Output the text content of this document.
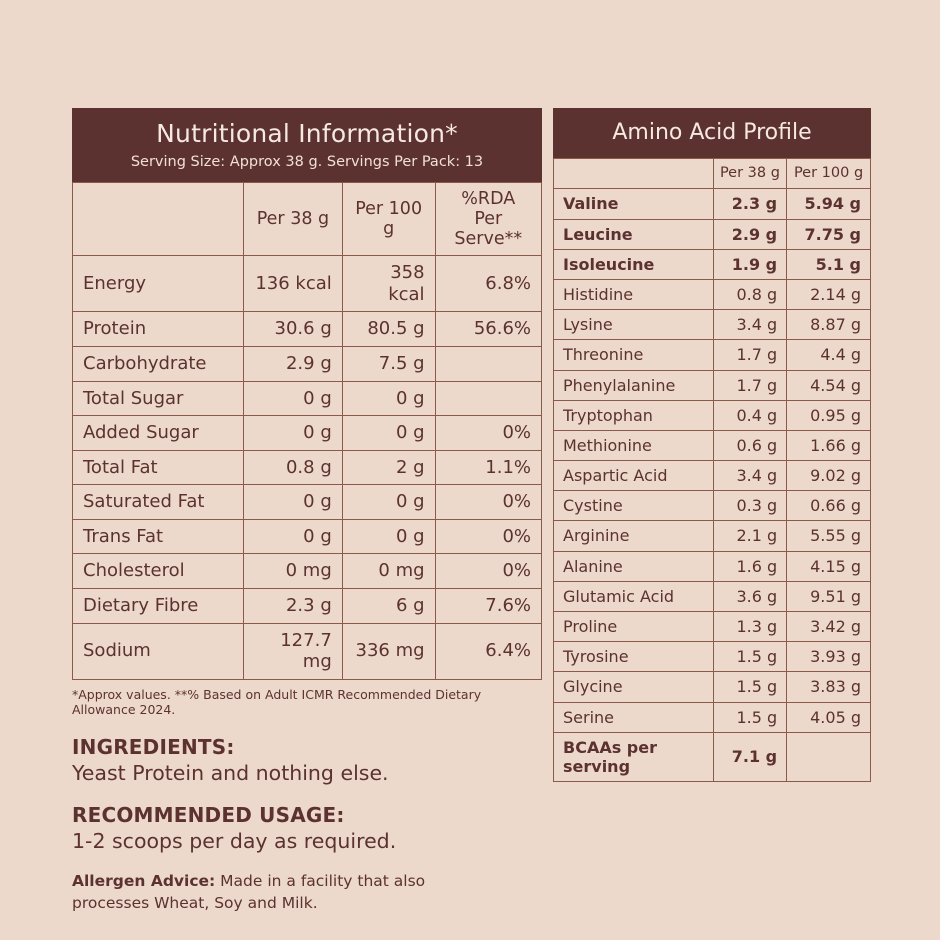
Nutritional Information*
Serving Size: Approx 38 g. Servings Per Pack: 13
	Per 38 g	Per 100 g	%RDA Per Serve**
Energy	136 kcal	358 kcal	6.8%
Protein	30.6 g	80.5 g	56.6%
Carbohydrate	2.9 g	7.5 g	
Total Sugar	0 g	0 g	
Added Sugar	0 g	0 g	0%
Total Fat	0.8 g	2 g	1.1%
Saturated Fat	0 g	0 g	0%
Trans Fat	0 g	0 g	0%
Cholesterol	0 mg	0 mg	0%
Dietary Fibre	2.3 g	6 g	7.6%
Sodium	127.7 mg	336 mg	6.4%
*Approx values. **% Based on Adult ICMR Recommended Dietary Allowance 2024.
INGREDIENTS:
Yeast Protein and nothing else.
RECOMMENDED USAGE:
1-2 scoops per day as required.
Allergen Advice: Made in a facility that also processes Wheat, Soy and Milk.
Amino Acid Profile
	Per 38 g	Per 100 g
Valine	2.3 g	5.94 g
Leucine	2.9 g	7.75 g
Isoleucine	1.9 g	5.1 g
Histidine	0.8 g	2.14 g
Lysine	3.4 g	8.87 g
Threonine	1.7 g	4.4 g
Phenylalanine	1.7 g	4.54 g
Tryptophan	0.4 g	0.95 g
Methionine	0.6 g	1.66 g
Aspartic Acid	3.4 g	9.02 g
Cystine	0.3 g	0.66 g
Arginine	2.1 g	5.55 g
Alanine	1.6 g	4.15 g
Glutamic Acid	3.6 g	9.51 g
Proline	1.3 g	3.42 g
Tyrosine	1.5 g	3.93 g
Glycine	1.5 g	3.83 g
Serine	1.5 g	4.05 g
BCAAs per serving	7.1 g	
